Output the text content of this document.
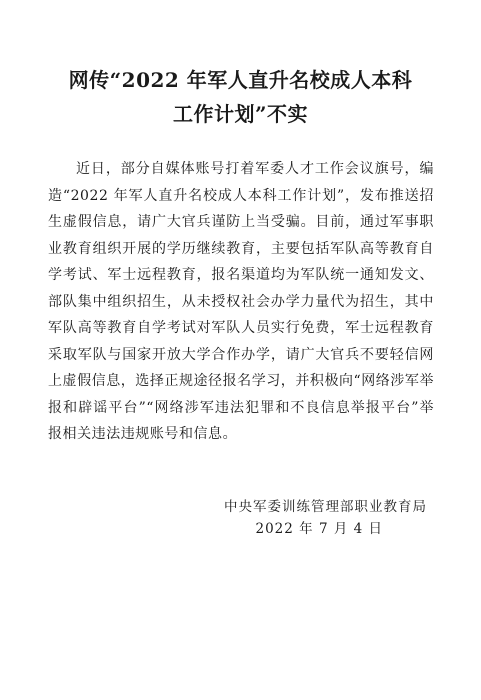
网传“2022 年军人直升名校成人本科
工作计划”不实

近日，部分自媒体账号打着军委人才工作会议旗号，编造“2022 年军人直升名校成人本科工作计划”，发布推送招生虚假信息，请广大官兵谨防上当受骗。目前，通过军事职业教育组织开展的学历继续教育，主要包括军队高等教育自学考试、军士远程教育，报名渠道均为军队统一通知发文、部队集中组织招生，从未授权社会办学力量代为招生，其中军队高等教育自学考试对军队人员实行免费，军士远程教育采取军队与国家开放大学合作办学，请广大官兵不要轻信网上虚假信息，选择正规途径报名学习，并积极向“网络涉军举报和辟谣平台”“网络涉军违法犯罪和不良信息举报平台”举报相关违法违规账号和信息。

中央军委训练管理部职业教育局
2022 年 7 月 4 日
